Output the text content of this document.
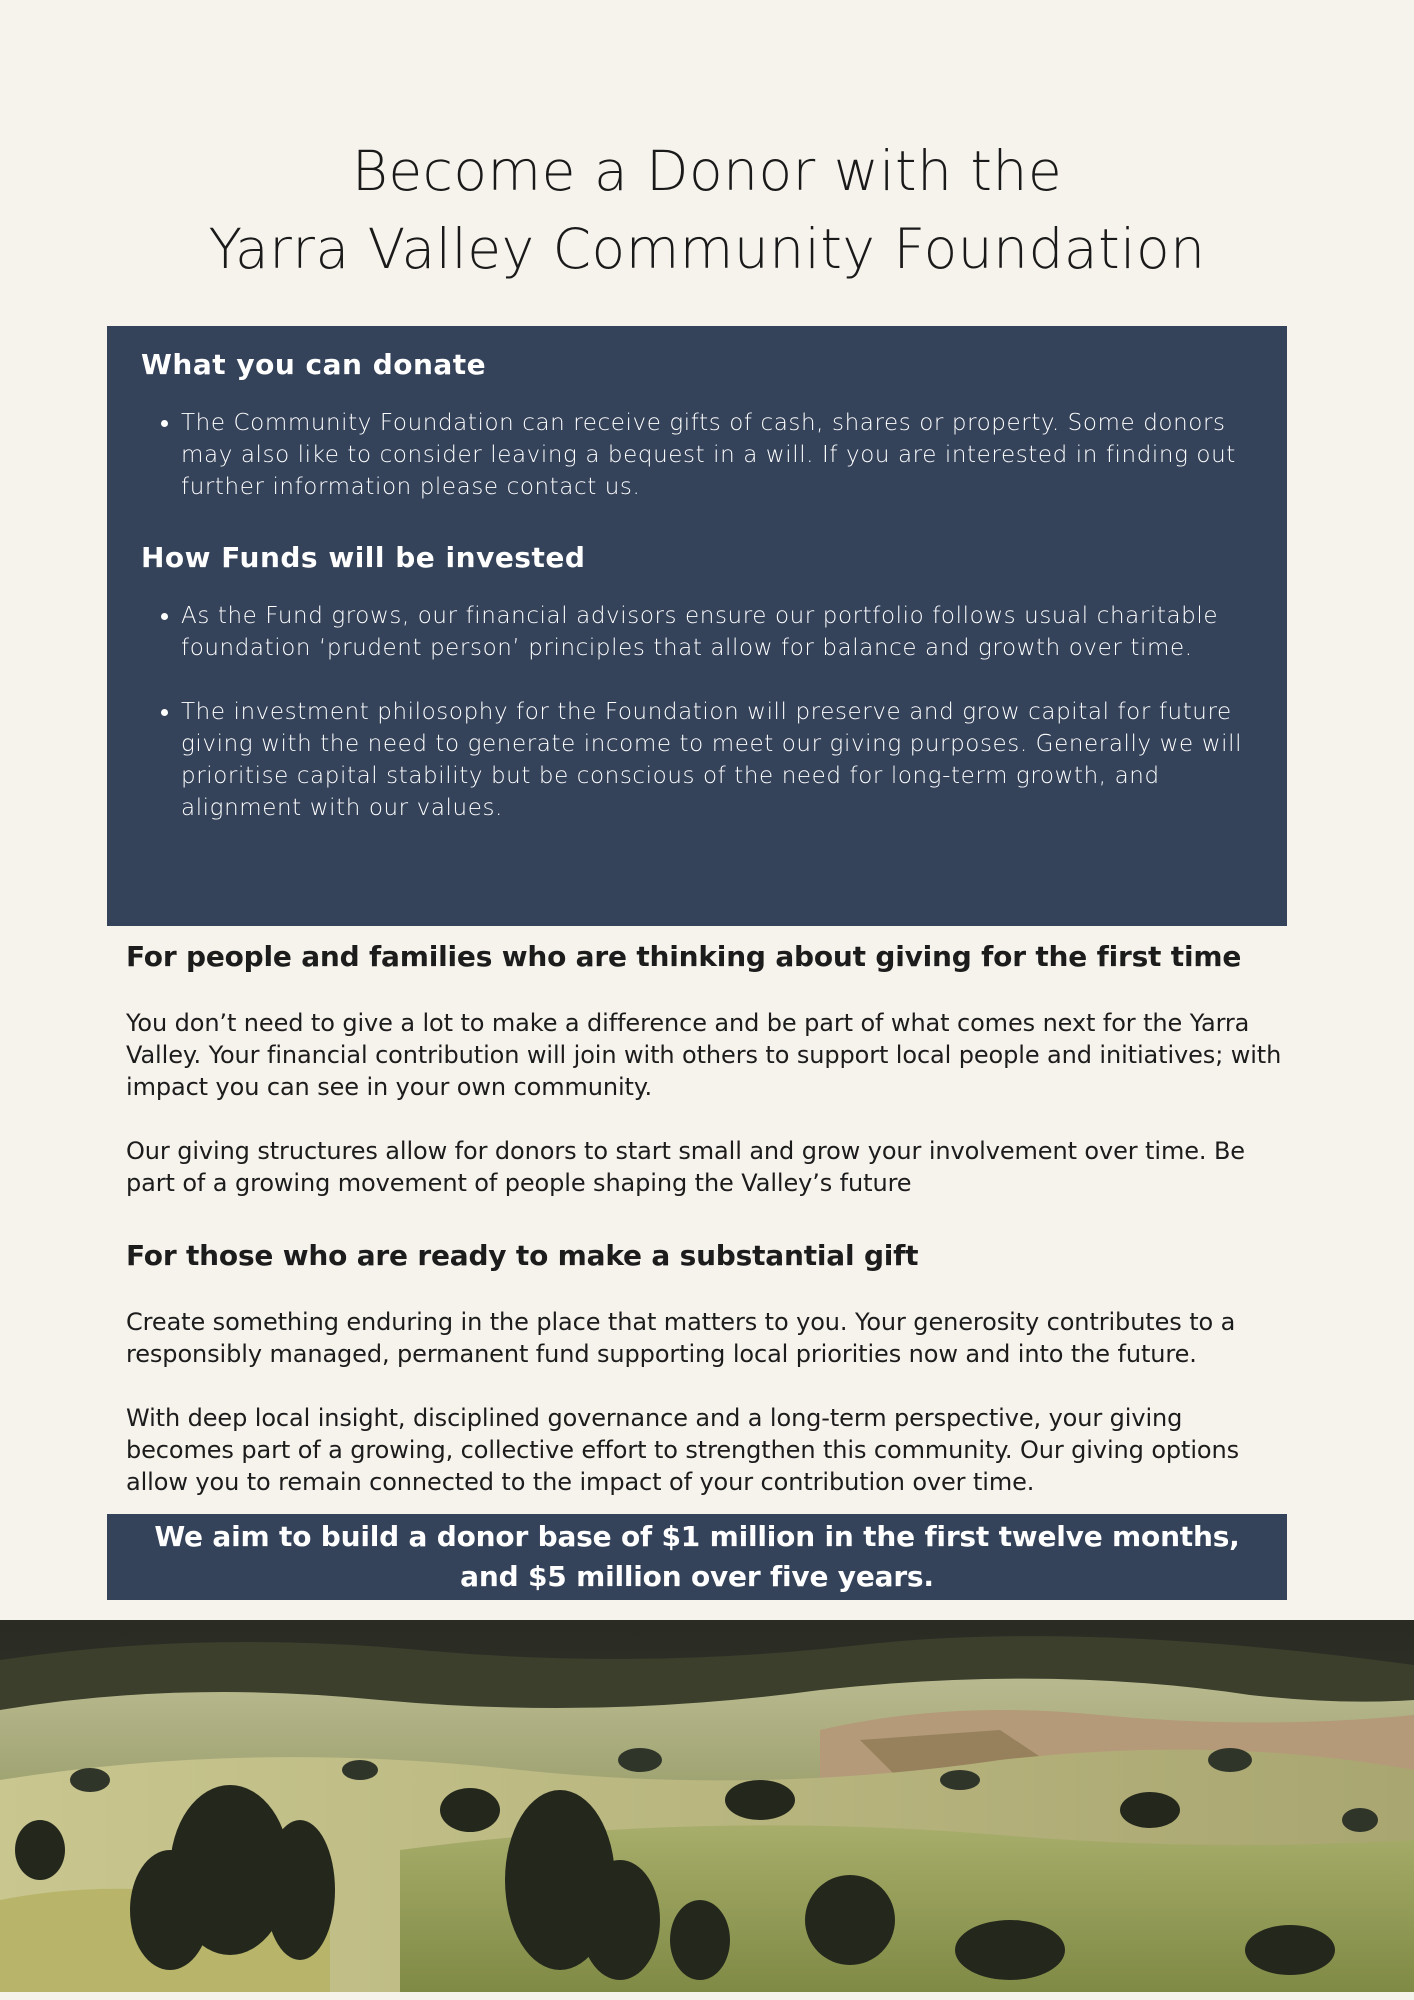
Become a Donor with the
Yarra Valley Community Foundation
What you can donate
• The Community Foundation can receive gifts of cash, shares or property. Some donors may also like to consider leaving a bequest in a will. If you are interested in finding out further information please contact us.
How Funds will be invested
• As the Fund grows, our financial advisors ensure our portfolio follows usual charitable foundation ‘prudent person’ principles that allow for balance and growth over time.
• The investment philosophy for the Foundation will preserve and grow capital for future giving with the need to generate income to meet our giving purposes. Generally we will prioritise capital stability but be conscious of the need for long-term growth, and alignment with our values.
For people and families who are thinking about giving for the first time

You don’t need to give a lot to make a difference and be part of what comes next for the Yarra Valley. Your financial contribution will join with others to support local people and initiatives; with impact you can see in your own community.

Our giving structures allow for donors to start small and grow your involvement over time. Be part of a growing movement of people shaping the Valley’s future

For those who are ready to make a substantial gift

Create something enduring in the place that matters to you. Your generosity contributes to a responsibly managed, permanent fund supporting local priorities now and into the future.

With deep local insight, disciplined governance and a long-term perspective, your giving becomes part of a growing, collective effort to strengthen this community. Our giving options allow you to remain connected to the impact of your contribution over time.

We aim to build a donor base of $1 million in the first twelve months,
and $5 million over five years.
